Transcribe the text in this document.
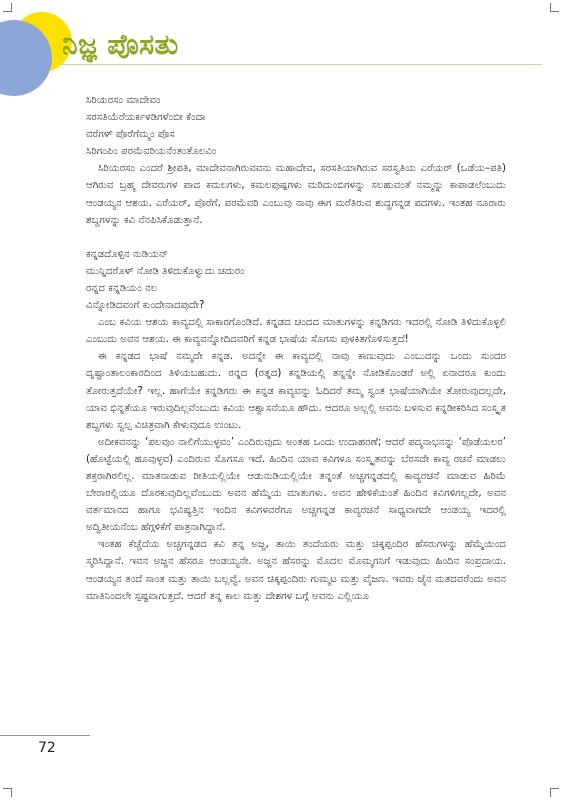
ನಿಜ್ಞ ಪೊಸತು
ಸಿರಿಯರಸಂ ಮಾದೇವಂ
ಸರಸತಿಯೆರೆಯರ್ಕಳಡಿಗಳೆಂಬೀ ಕೆಂದಾ
ವರೆಗಳ್ ಪೊರೆಗೆಮ್ಮಂ ಪೊಸ
ಸಿರಿಗಂಪಿಂ ಪರಮೆವರಿಯನೆಂತಂತೊಲವಿಂ

ಸಿರಿಯರಸಂ ಎಂದರೆ ಶ್ರೀಪತಿ, ಮಾದೇವನಾಗಿರುವವನು ಮಹಾದೇವ, ಸರಸತಿಯಾಗಿರುವ ಸರಸ್ವತಿಯ ಎರೆಯರ್ (ಒಡೆಯ–ಪತಿ) ಆಗಿರುವ ಬ್ರಹ್ಮ ದೇವರುಗಳ ಪಾದ ಕಮಲಗಳು, ಕಮಲಪುಷ್ಪಗಳು ಮರಿದುಂಬಿಗಳನ್ನು ಸಲಹುವಂತೆ ನಮ್ಮನ್ನು ಕಾಪಾಡಲೆಂಬುದು ಆಂಡಯ್ಯನ ಆಶಯ. ಎರೆಯರ್, ಪೊರೆಗೆ, ಪರಮೆವರಿ ಎಂಬುವು ನಾವು ಈಗ ಮರೆತಿರುವ ಶುದ್ಧಗನ್ನಡ ಪದಗಳು. ಇಂತಹ ನೂರಾರು ಶಬ್ದಗಳನ್ನು ಕವಿ ನೆನಪಿಸಿಕೊಡುತ್ತಾನೆ.

ಕನ್ನಡದೊಳ್ಪಿನ ನುಡಿಯನ್
ಮುನ್ನಿದರೊಳ್ ನೋಡಿ ತಿಳಿದುಕೊಳ್ವುದು ಚದುರಂ
ರನ್ನದ ಕನ್ನಡಿಯಂ ನಲ
ವಿನ್ನೋಡಿದವಂಗೆ ಕುಂದೇನಾದಪುದೇ?

ಎಂಬ ಕವಿಯ ಆಶಯ ಕಾವ್ಯದಲ್ಲಿ ಸಾಕಾರಗೊಂಡಿದೆ. ಕನ್ನಡದ ಚಂದದ ಮಾತುಗಳನ್ನು ಕನ್ನಡಿಗರು ಇದರಲ್ಲಿ ನೋಡಿ ತಿಳಿದುಕೊಳ್ಳಲಿ ಎಂಬುದು ಅವನ ಆಶಯ. ಈ ಕಾವ್ಯವನ್ನೋದಿದವರಿಗೆ ಕನ್ನಡ ಭಾಷೆಯ ಸೊಗಸು ಪುಳಕಿತಗೊಳಿಸುತ್ತದೆ!

ಈ ಕನ್ನಡದ ಭಾಷೆ ನಮ್ಮದೇ ಕನ್ನಡ. ಅದನ್ನೇ ಈ ಕಾವ್ಯದಲ್ಲಿ ನಾವು ಕಾಣುವುದು ಎಂಬುದನ್ನು ಒಂದು ಸುಂದರ ದೃಷ್ಟಾಂತಾಲಂಕಾರದಿಂದ ತಿಳಿಯಬಹುದು. ರನ್ನದ (ರತ್ನದ) ಕನ್ನಡಿಯಲ್ಲಿ ತನ್ನನ್ನೇ ನೋಡಿಕೊಂಡರೆ ಅಲ್ಲಿ ಏನಾದರೂ ಕುಂದು ತೋರುತ್ತದೆಯೇ? ಇಲ್ಲ. ಹಾಗೆಯೇ ಕನ್ನಡಿಗರು ಈ ಕನ್ನಡ ಕಾವ್ಯವನ್ನು ಓದಿದರೆ ತಮ್ಮ ಸ್ವಂತ ಭಾಷೆಯಾಗಿಯೇ ತೋರುವುದಲ್ಲದೇ, ಯಾವ ಭಿನ್ನತೆಯೂ ಇರುವುದಿಲ್ಲವೆಂಬುದು ಕವಿಯ ಆಶ್ವಾಸನೆಯೂ ಹೌದು. ಆದರೂ ಅಲ್ಲಲ್ಲಿ ಅವನು ಬಳಸುವ ಕನ್ನಡೀಕರಿಸಿದ ಸಂಸ್ಕೃತ ಶಬ್ದಗಳು ಸ್ವಲ್ಪ ವಿಚಿತ್ರವಾಗಿ ಕೇಳುವುದೂ ಉಂಟು.

ಅದೀಕವನನ್ನು ‘ಪಲವುಂ ನಾಲಿಗೆಯುಳ್ಳವಂ’ ಎಂದಿರುವುದು ಅಂತಹ ಒಂದು ಉದಾಹರಣೆ; ಆದರೆ ಪದ್ಮನಾಭನನ್ನು ‘ಪೊಡೆಯಲರ’ (ಹೊಟ್ಟೆಯಲ್ಲಿ ಹೂವುಳ್ಳವ) ಎಂದಿರುವ ಸೊಗಸೂ ಇದೆ. ಹಿಂದಿನ ಯಾವ ಕವಿಗಳೂ ಸಂಸ್ಕೃತವನ್ನು ಬೆರಸದೇ ಕಾವ್ಯ ರಚನೆ ಮಾಡಲು ಶಕ್ತರಾಗಿರಲಿಲ್ಲ. ಮಾತನಾಡುವ ರೀತಿಯಲ್ಲಿಯೇ ಆಡುನುಡಿಯಲ್ಲಿಯೇ ತನ್ನಂತೆ ಅಚ್ಚಗನ್ನಡದಲ್ಲಿ ಕಾವ್ಯರಚನೆ ಮಾಡುವ ಹಿರಿಮೆ ಬೇರಾರಲ್ಲಿಯೂ ದೊರಕುವುದಿಲ್ಲವೆಂಬುದು ಅವನ ಹೆಮ್ಮೆಯ ಮಾತುಗಳು. ಅವನ ಹೇಳಿಕೆಯಂತೆ ಹಿಂದಿನ ಕವಿಗಳಿಗಲ್ಲದೇ, ಅವನ ವರ್ತಮಾನದ ಹಾಗೂ ಭವಿಷ್ಯತ್ತಿನ ಇಂದಿನ ಕವಿಗಳವರೆಗೂ ಅಚ್ಚಗನ್ನಡ ಕಾವ್ಯರಚನೆ ಸಾಧ್ಯವಾಗದೇ ಆಂಡಯ್ಯ ಇದರಲ್ಲಿ ಅದ್ವಿತೀಯನೆಂಬ ಹೆಗ್ಗಳಿಕೆಗೆ ಪಾತ್ರನಾಗಿದ್ದಾನೆ.

ಇಂತಹ ಕೆಚ್ಚೆದೆಯ ಅಚ್ಚಗನ್ನಡದ ಕವಿ ತನ್ನ ಅಜ್ಜ, ತಾಯಿ ತಂದೆಯರು ಮತ್ತು ಚಿಕ್ಕಪ್ಪಂದಿರ ಹೆಸರುಗಳನ್ನು ಹೆಮ್ಮೆಯಿಂದ ಸ್ಮರಿಸಿದ್ದಾನೆ. ಇವನ ಅಜ್ಜನ ಹೆಸರೂ ಆಂಡಯ್ಯನೇ. ಅಜ್ಜನ ಹೆಸರನ್ನು ಮೊದಲ ಮೊಮ್ಮಗನಿಗೆ ಇಡುವುದು ಹಿಂದಿನ ಸಂಪ್ರದಾಯ. ಆಂಡಯ್ಯನ ತಂದೆ ಸಾಂತ ಮತ್ತು ತಾಯಿ ಬಲ್ಲವ್ವೆ. ಅವನ ಚಿಕ್ಕಪ್ಪಂದಿರು ಗುಮ್ಮಟ ಮತ್ತು ವೈಜಣ. ಇವರು ಜೈನ ಮತದವರೆಂದು ಅವನ ಮಾತಿನಿಂದಲೇ ಸ್ಪಷ್ಟವಾಗುತ್ತದೆ. ಆದರೆ ತನ್ನ ಕಾಲ ಮತ್ತು ದೇಶಗಳ ಬಗ್ಗೆ ಅವನು ಎಲ್ಲಿಯೂ

72
